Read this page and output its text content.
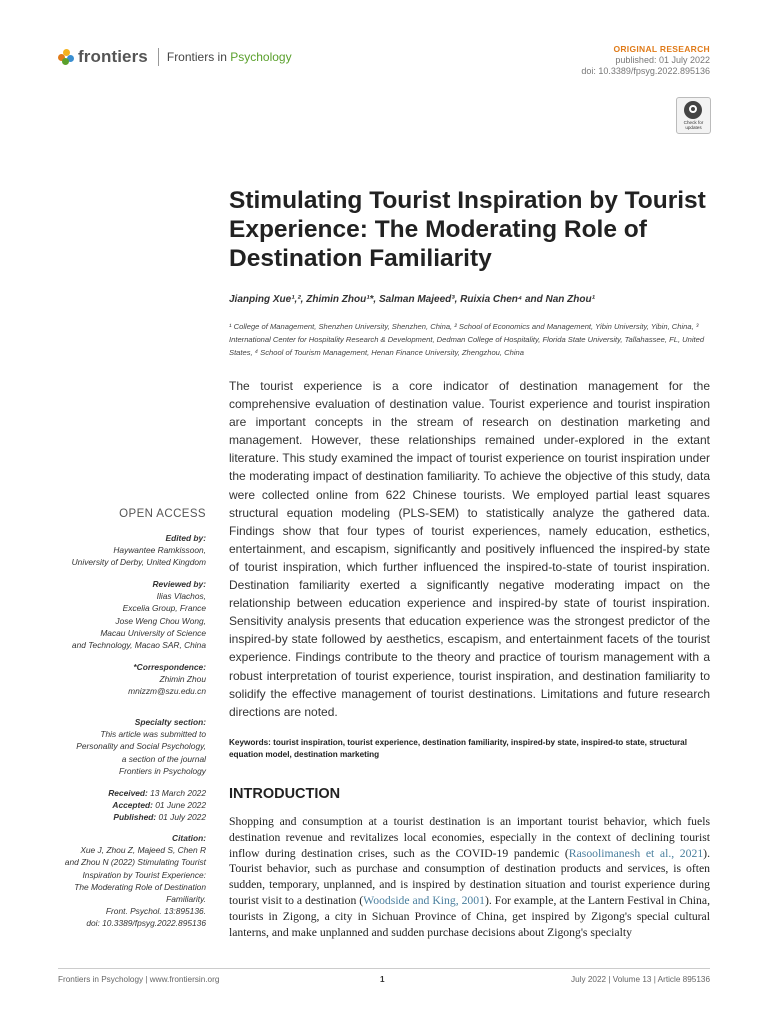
frontiers Frontiers in Psychology
ORIGINAL RESEARCH
published: 01 July 2022
doi: 10.3389/fpsyg.2022.895136
Check for
updates
Stimulating Tourist Inspiration by Tourist Experience: The Moderating Role of Destination Familiarity
Jianping Xue¹,², Zhimin Zhou¹*, Salman Majeed³, Ruixia Chen⁴ and Nan Zhou¹
¹ College of Management, Shenzhen University, Shenzhen, China, ² School of Economics and Management, Yibin University, Yibin, China, ³ International Center for Hospitality Research & Development, Dedman College of Hospitality, Florida State University, Tallahassee, FL, United States, ⁴ School of Tourism Management, Henan Finance University, Zhengzhou, China
The tourist experience is a core indicator of destination management for the comprehensive evaluation of destination value. Tourist experience and tourist inspiration are important concepts in the stream of research on destination marketing and management. However, these relationships remained under-explored in the extant literature. This study examined the impact of tourist experience on tourist inspiration under the moderating impact of destination familiarity. To achieve the objective of this study, data were collected online from 622 Chinese tourists. We employed partial least squares structural equation modeling (PLS-SEM) to statistically analyze the gathered data. Findings show that four types of tourist experiences, namely education, esthetics, entertainment, and escapism, significantly and positively influenced the inspired-by state of tourist inspiration, which further influenced the inspired-to-state of tourist inspiration. Destination familiarity exerted a significantly negative moderating impact on the relationship between education experience and inspired-by state of tourist inspiration. Sensitivity analysis presents that education experience was the strongest predictor of the inspired-by state followed by aesthetics, escapism, and entertainment facets of the tourist experience. Findings contribute to the theory and practice of tourism management with a robust interpretation of tourist experience, tourist inspiration, and destination familiarity to solidify the effective management of tourist destinations. Limitations and future research directions are noted.
Keywords: tourist inspiration, tourist experience, destination familiarity, inspired-by state, inspired-to state, structural equation model, destination marketing
INTRODUCTION
Shopping and consumption at a tourist destination is an important tourist behavior, which fuels destination revenue and revitalizes local economies, especially in the context of declining tourist inflow during destination crises, such as the COVID-19 pandemic (Rasoolimanesh et al., 2021). Tourist behavior, such as purchase and consumption of destination products and services, is often sudden, temporary, unplanned, and is inspired by destination situation and tourist experience during tourist visit to a destination (Woodside and King, 2001). For example, at the Lantern Festival in China, tourists in Zigong, a city in Sichuan Province of China, get inspired by Zigong's special cultural lanterns, and make unplanned and sudden purchase decisions about Zigong's specialty
OPEN ACCESS
Edited by:
Haywantee Ramkissoon,
University of Derby, United Kingdom
Reviewed by:
Ilias Vlachos,
Excelia Group, France
Jose Weng Chou Wong,
Macau University of Science
and Technology, Macao SAR, China
*Correspondence:
Zhimin Zhou
mnizzm@szu.edu.cn
Specialty section:
This article was submitted to
Personality and Social Psychology,
a section of the journal
Frontiers in Psychology
Received: 13 March 2022
Accepted: 01 June 2022
Published: 01 July 2022
Citation:
Xue J, Zhou Z, Majeed S, Chen R
and Zhou N (2022) Stimulating Tourist
Inspiration by Tourist Experience:
The Moderating Role of Destination
Familiarity.
Front. Psychol. 13:895136.
doi: 10.3389/fpsyg.2022.895136
Frontiers in Psychology | www.frontiersin.org	1	July 2022 | Volume 13 | Article 895136
